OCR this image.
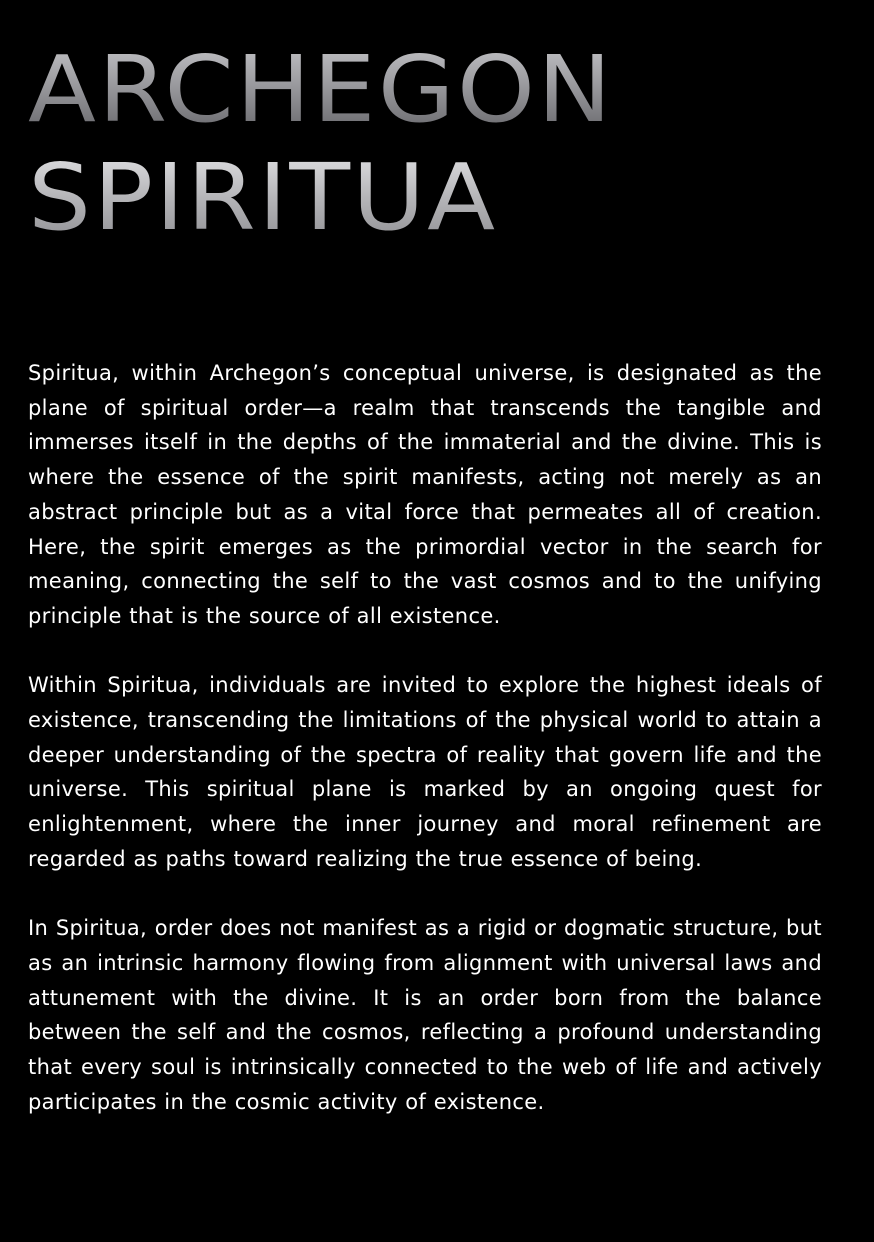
ARCHEGON
SPIRITUA

Spiritua, within Archegon’s conceptual universe, is designated as the plane of spiritual order—a realm that transcends the tangible and immerses itself in the depths of the immaterial and the divine. This is where the essence of the spirit manifests, acting not merely as an abstract principle but as a vital force that permeates all of creation. Here, the spirit emerges as the primordial vector in the search for meaning, connecting the self to the vast cosmos and to the unifying principle that is the source of all existence.

Within Spiritua, individuals are invited to explore the highest ideals of existence, transcending the limitations of the physical world to attain a deeper understanding of the spectra of reality that govern life and the universe. This spiritual plane is marked by an ongoing quest for enlightenment, where the inner journey and moral refinement are regarded as paths toward realizing the true essence of being.

In Spiritua, order does not manifest as a rigid or dogmatic structure, but as an intrinsic harmony flowing from alignment with universal laws and attunement with the divine. It is an order born from the balance between the self and the cosmos, reflecting a profound understanding that every soul is intrinsically connected to the web of life and actively participates in the cosmic activity of existence.
